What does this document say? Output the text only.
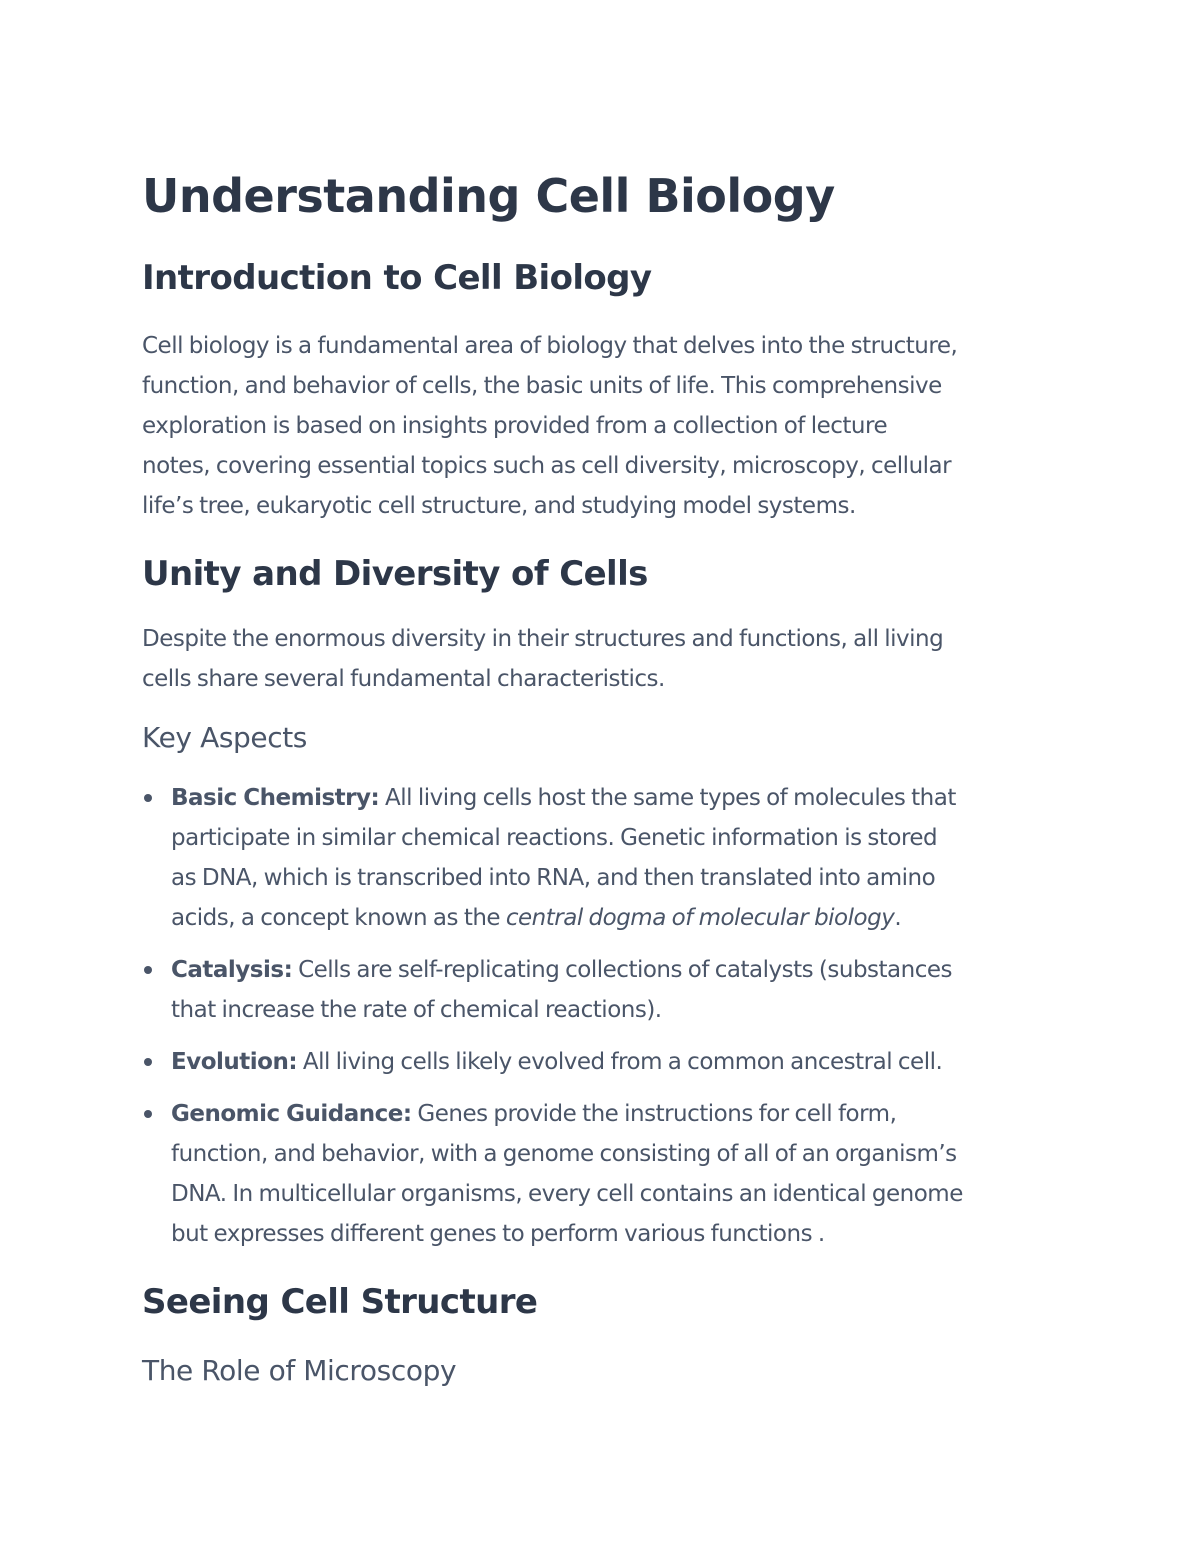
Understanding Cell Biology
Introduction to Cell Biology

Cell biology is a fundamental area of biology that delves into the structure,
function, and behavior of cells, the basic units of life. This comprehensive
exploration is based on insights provided from a collection of lecture
notes, covering essential topics such as cell diversity, microscopy, cellular
life’s tree, eukaryotic cell structure, and studying model systems.

Unity and Diversity of Cells

Despite the enormous diversity in their structures and functions, all living
cells share several fundamental characteristics.

Key Aspects
Basic Chemistry: All living cells host the same types of molecules that
participate in similar chemical reactions. Genetic information is stored
as DNA, which is transcribed into RNA, and then translated into amino
acids, a concept known as the central dogma of molecular biology.
Catalysis: Cells are self-replicating collections of catalysts (substances
that increase the rate of chemical reactions).
Evolution: All living cells likely evolved from a common ancestral cell.
Genomic Guidance: Genes provide the instructions for cell form,
function, and behavior, with a genome consisting of all of an organism’s
DNA. In multicellular organisms, every cell contains an identical genome
but expresses different genes to perform various functions .
Seeing Cell Structure
The Role of Microscopy
